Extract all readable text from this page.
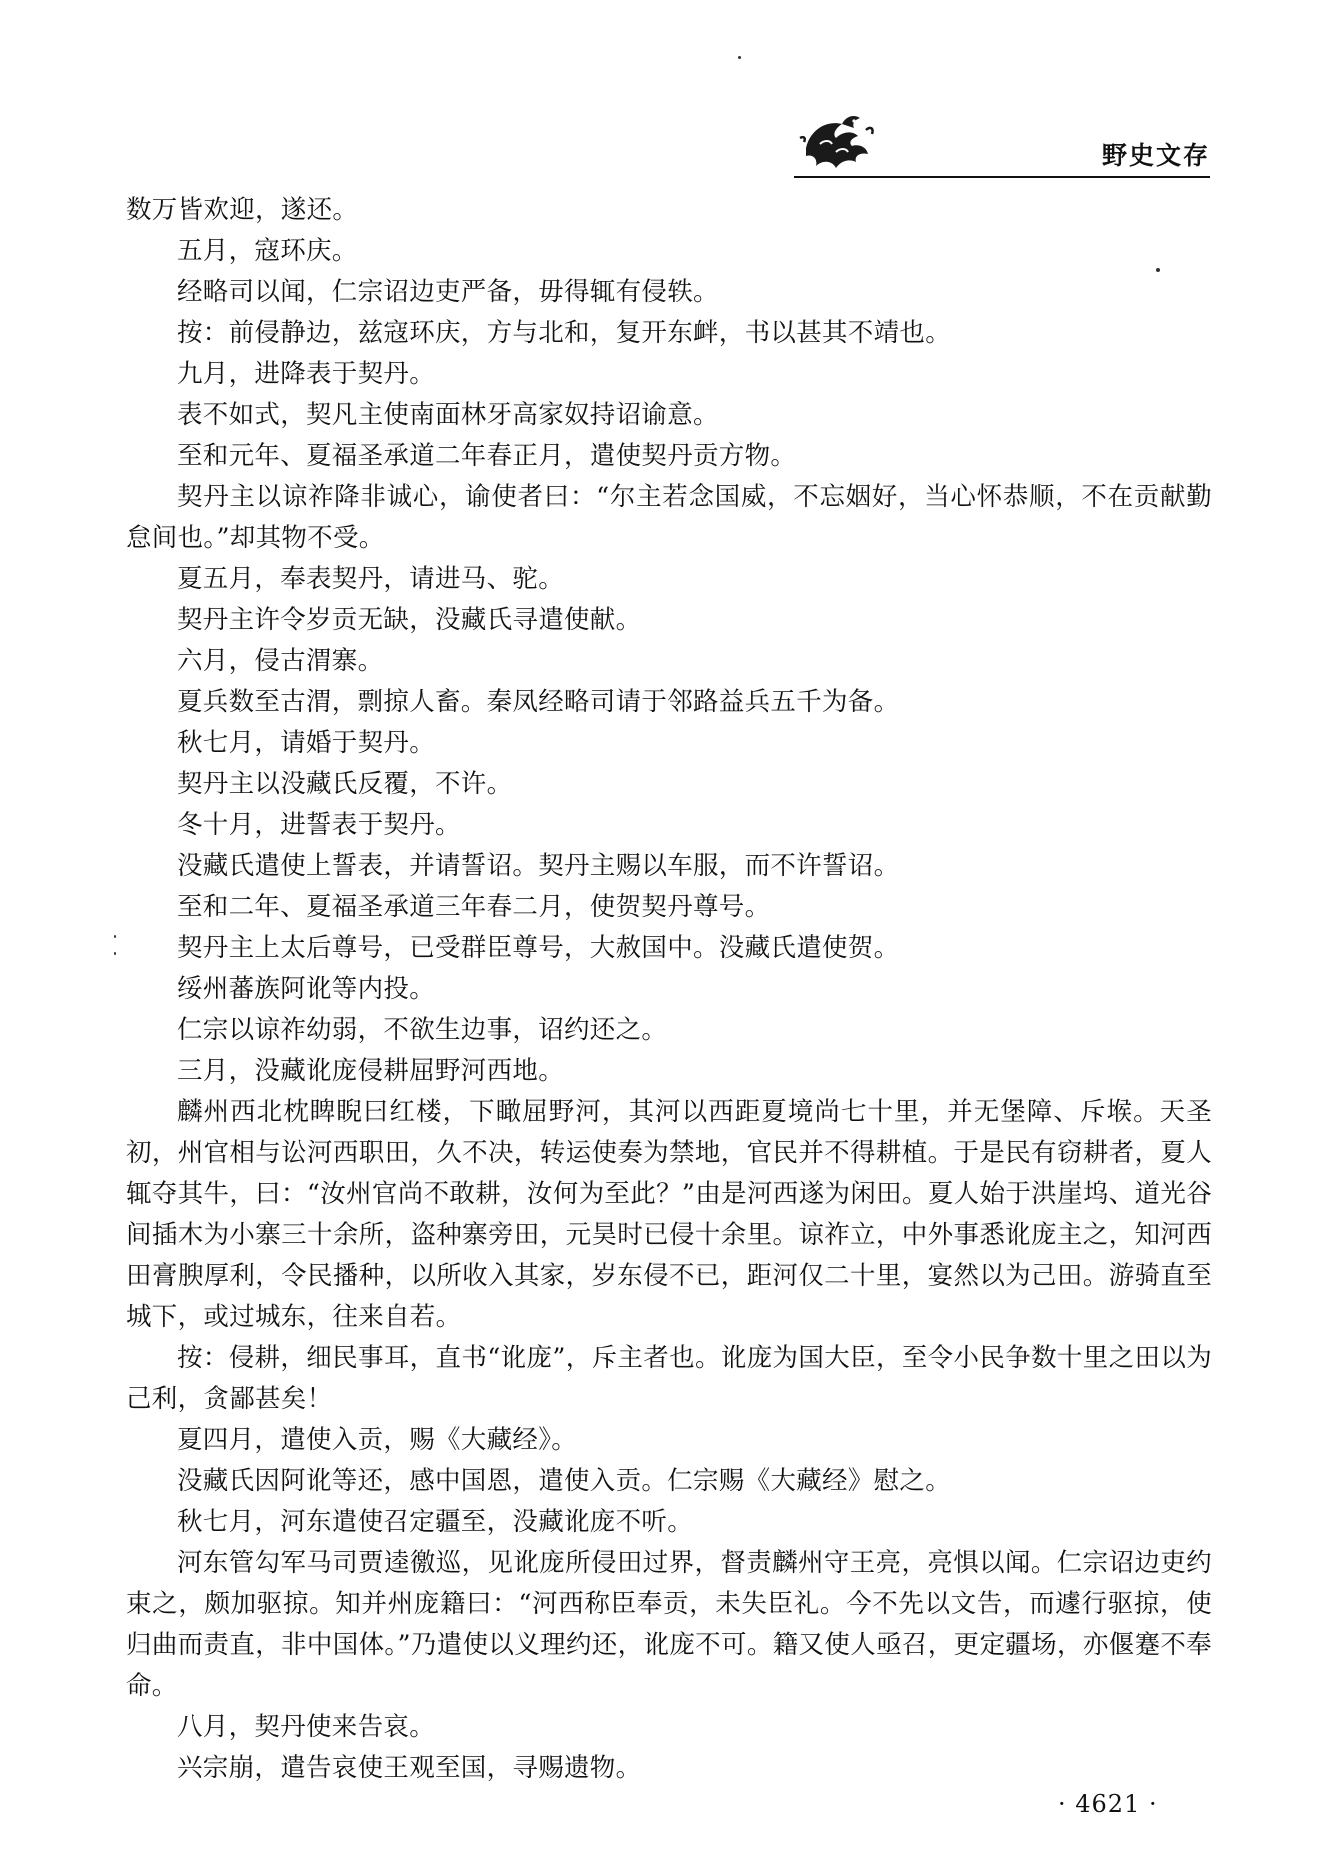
野史文存

数万皆欢迎，遂还。

五月，寇环庆。

经略司以闻，仁宗诏边吏严备，毋得辄有侵轶。

按：前侵静边，兹寇环庆，方与北和，复开东衅，书以甚其不靖也。

九月，进降表于契丹。

表不如式，契凡主使南面林牙高家奴持诏谕意。

至和元年、夏福圣承道二年春正月，遣使契丹贡方物。

契丹主以谅祚降非诚心，谕使者曰：“尔主若念国威，不忘姻好，当心怀恭顺，不在贡献勤怠间也。”却其物不受。

夏五月，奉表契丹，请进马、驼。

契丹主许令岁贡无缺，没藏氏寻遣使献。

六月，侵古渭寨。

夏兵数至古渭，剽掠人畜。秦凤经略司请于邻路益兵五千为备。

秋七月，请婚于契丹。

契丹主以没藏氏反覆，不许。

冬十月，进誓表于契丹。

没藏氏遣使上誓表，并请誓诏。契丹主赐以车服，而不许誓诏。

至和二年、夏福圣承道三年春二月，使贺契丹尊号。

契丹主上太后尊号，已受群臣尊号，大赦国中。没藏氏遣使贺。

绥州蕃族阿讹等内投。

仁宗以谅祚幼弱，不欲生边事，诏约还之。

三月，没藏讹庞侵耕屈野河西地。

麟州西北枕睥睨曰红楼，下瞰屈野河，其河以西距夏境尚七十里，并无堡障、斥堠。天圣初，州官相与讼河西职田，久不决，转运使奏为禁地，官民并不得耕植。于是民有窃耕者，夏人辄夺其牛，曰：“汝州官尚不敢耕，汝何为至此？”由是河西遂为闲田。夏人始于洪崖坞、道光谷间插木为小寨三十余所，盗种寨旁田，元昊时已侵十余里。谅祚立，中外事悉讹庞主之，知河西田膏腴厚利，令民播种，以所收入其家，岁东侵不已，距河仅二十里，宴然以为己田。游骑直至城下，或过城东，往来自若。

按：侵耕，细民事耳，直书“讹庞”，斥主者也。讹庞为国大臣，至令小民争数十里之田以为己利，贪鄙甚矣！

夏四月，遣使入贡，赐《大藏经》。

没藏氏因阿讹等还，感中国恩，遣使入贡。仁宗赐《大藏经》慰之。

秋七月，河东遣使召定疆至，没藏讹庞不听。

河东管勾军马司贾逵徼巡，见讹庞所侵田过界，督责麟州守王亮，亮惧以闻。仁宗诏边吏约束之，颇加驱掠。知并州庞籍曰：“河西称臣奉贡，未失臣礼。今不先以文告，而遽行驱掠，使归曲而责直，非中国体。”乃遣使以义理约还，讹庞不可。籍又使人亟召，更定疆场，亦偃蹇不奉命。

八月，契丹使来告哀。

兴宗崩，遣告哀使王观至国，寻赐遗物。

· 4621 ·
